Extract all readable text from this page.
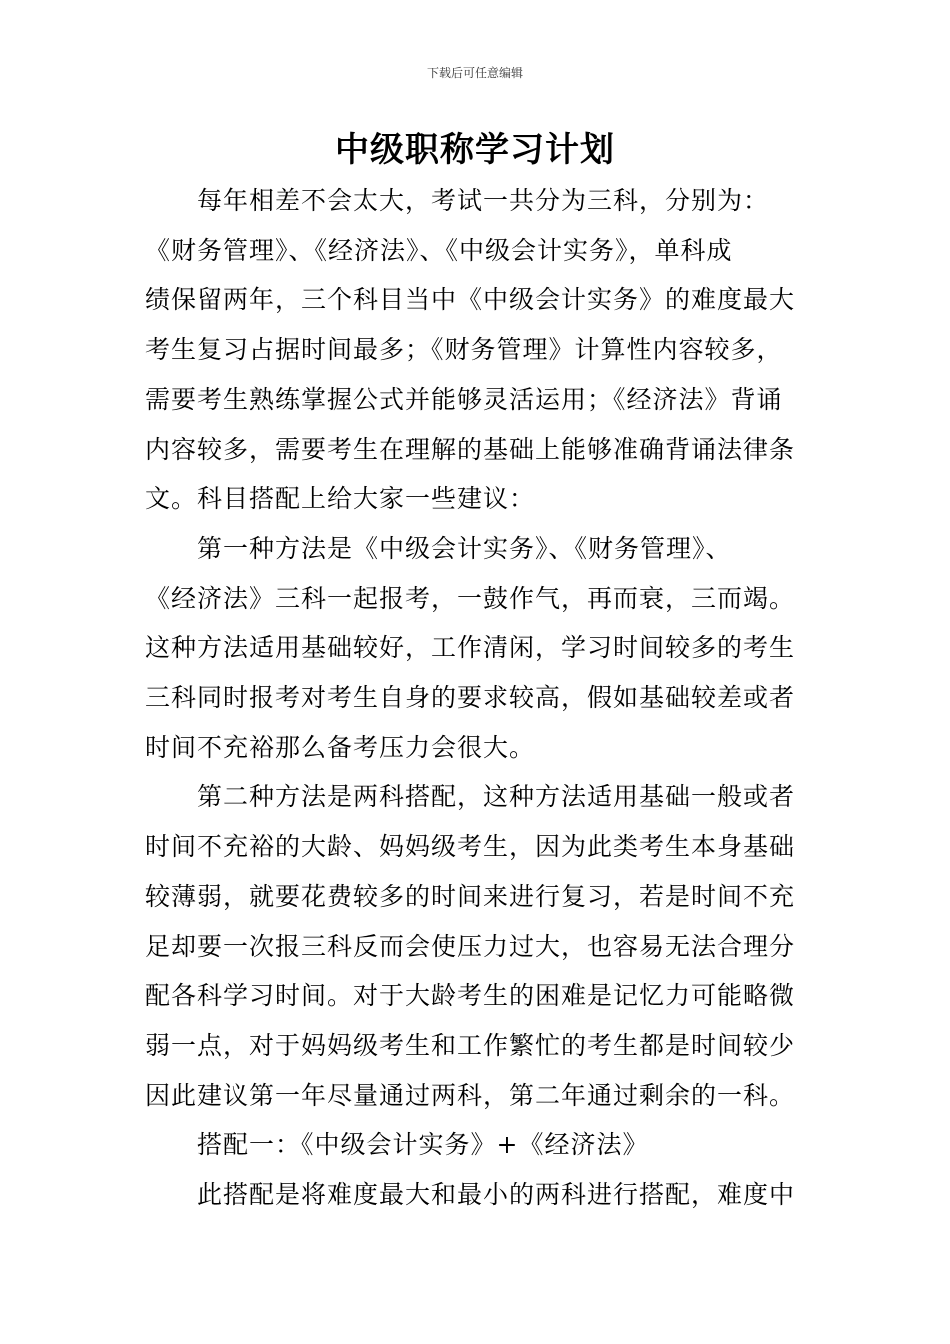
下载后可任意编辑
中级职称学习计划
每年相差不会太大，考试一共分为三科，分别为：
《财务管理》、《经济法》、《中级会计实务》，单科成
绩保留两年，三个科目当中《中级会计实务》的难度最大
考生复习占据时间最多；《财务管理》计算性内容较多，
需要考生熟练掌握公式并能够灵活运用；《经济法》背诵
内容较多，需要考生在理解的基础上能够准确背诵法律条
文。科目搭配上给大家一些建议：
第一种方法是《中级会计实务》、《财务管理》、
《经济法》三科一起报考，一鼓作气，再而衰，三而竭。
这种方法适用基础较好，工作清闲，学习时间较多的考生
三科同时报考对考生自身的要求较高，假如基础较差或者
时间不充裕那么备考压力会很大。
第二种方法是两科搭配，这种方法适用基础一般或者
时间不充裕的大龄、妈妈级考生，因为此类考生本身基础
较薄弱，就要花费较多的时间来进行复习，若是时间不充
足却要一次报三科反而会使压力过大，也容易无法合理分
配各科学习时间。对于大龄考生的困难是记忆力可能略微
弱一点，对于妈妈级考生和工作繁忙的考生都是时间较少
因此建议第一年尽量通过两科，第二年通过剩余的一科。
搭配一：《中级会计实务》+《经济法》
此搭配是将难度最大和最小的两科进行搭配，难度中
